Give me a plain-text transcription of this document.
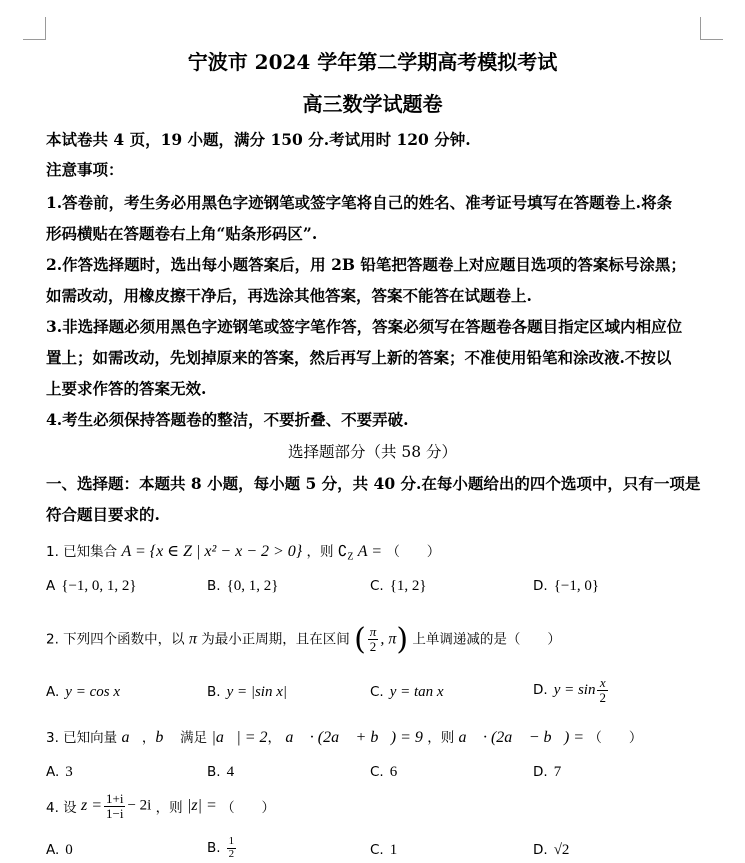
宁波市 2024 学年第二学期高考模拟考试
高三数学试题卷
本试卷共 4 页，19 小题，满分 150 分.考试用时 120 分钟.
注意事项：
1.答卷前，考生务必用黑色字迹钢笔或签字笔将自己的姓名、准考证号填写在答题卷上.将条
形码横贴在答题卷右上角“贴条形码区”.
2.作答选择题时，选出每小题答案后，用 2B 铅笔把答题卷上对应题目选项的答案标号涂黑；
如需改动，用橡皮擦干净后，再选涂其他答案，答案不能答在试题卷上.
3.非选择题必须用黑色字迹钢笔或签字笔作答，答案必须写在答题卷各题目指定区域内相应位
置上；如需改动，先划掉原来的答案，然后再写上新的答案；不准使用铅笔和涂改液.不按以
上要求作答的答案无效.
4.考生必须保持答题卷的整洁，不要折叠、不要弄破.
选择题部分（共 58 分）
一、选择题：本题共 8 小题，每小题 5 分，共 40 分.在每小题给出的四个选项中，只有一项是
符合题目要求的.
1. 已知集合 A = {x ∈ Z | x² − x − 2 > 0} ，则 $∁_Z$ A = （　　）
A {−1, 0, 1, 2}	B. {0, 1, 2}	C. {1, 2}	D. {−1, 0}
2. 下列四个函数中，以 π 为最小正周期，且在区间 ( $\frac{\pi}{2}$ , π) 上单调递减的是（　　）
A. y = cos x	B. y = |sin x|	C. y = tan x	D. $y = \sin \frac{x}{2}$
3. 已知向量 a⃗，b⃗ 满足 |a⃗| = 2， a⃗ · (2a⃗ + b⃗) = 9 ，则 a⃗ · (2a⃗ − b⃗) = （　　）
A. 3	B. 4	C. 6	D. 7
4. 设 $z = \frac{1+i}{1-i} - 2i$ ，则 |z| = （　　）
A. 0	B. $\frac{1}{2}$	C. 1	D. √2
